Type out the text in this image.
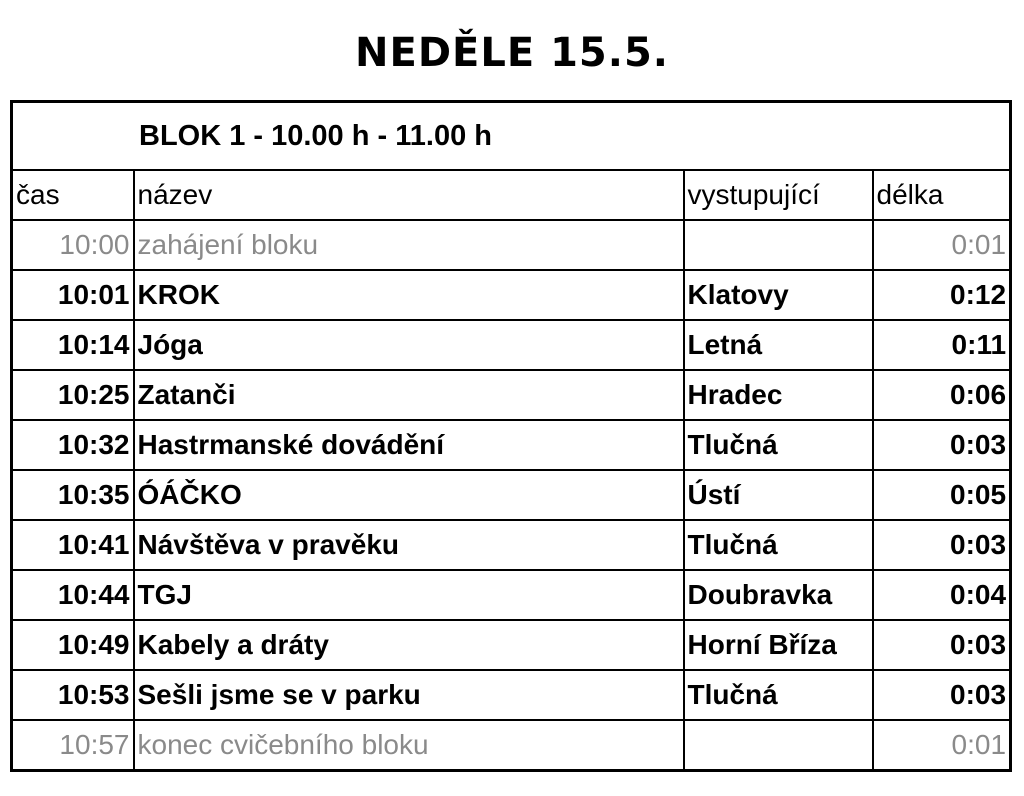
NEDĚLE 15.5.
BLOK 1 - 10.00 h - 11.00 h			
čas	název	vystupující	délka
10:00	zahájení bloku		0:01
10:01	KROK	Klatovy	0:12
10:14	Jóga	Letná	0:11
10:25	Zatanči	Hradec	0:06
10:32	Hastrmanské dovádění	Tlučná	0:03
10:35	ÓÁČKO	Ústí	0:05
10:41	Návštěva v pravěku	Tlučná	0:03
10:44	TGJ	Doubravka	0:04
10:49	Kabely a dráty	Horní Bříza	0:03
10:53	Sešli jsme se v parku	Tlučná	0:03
10:57	konec cvičebního bloku		0:01
